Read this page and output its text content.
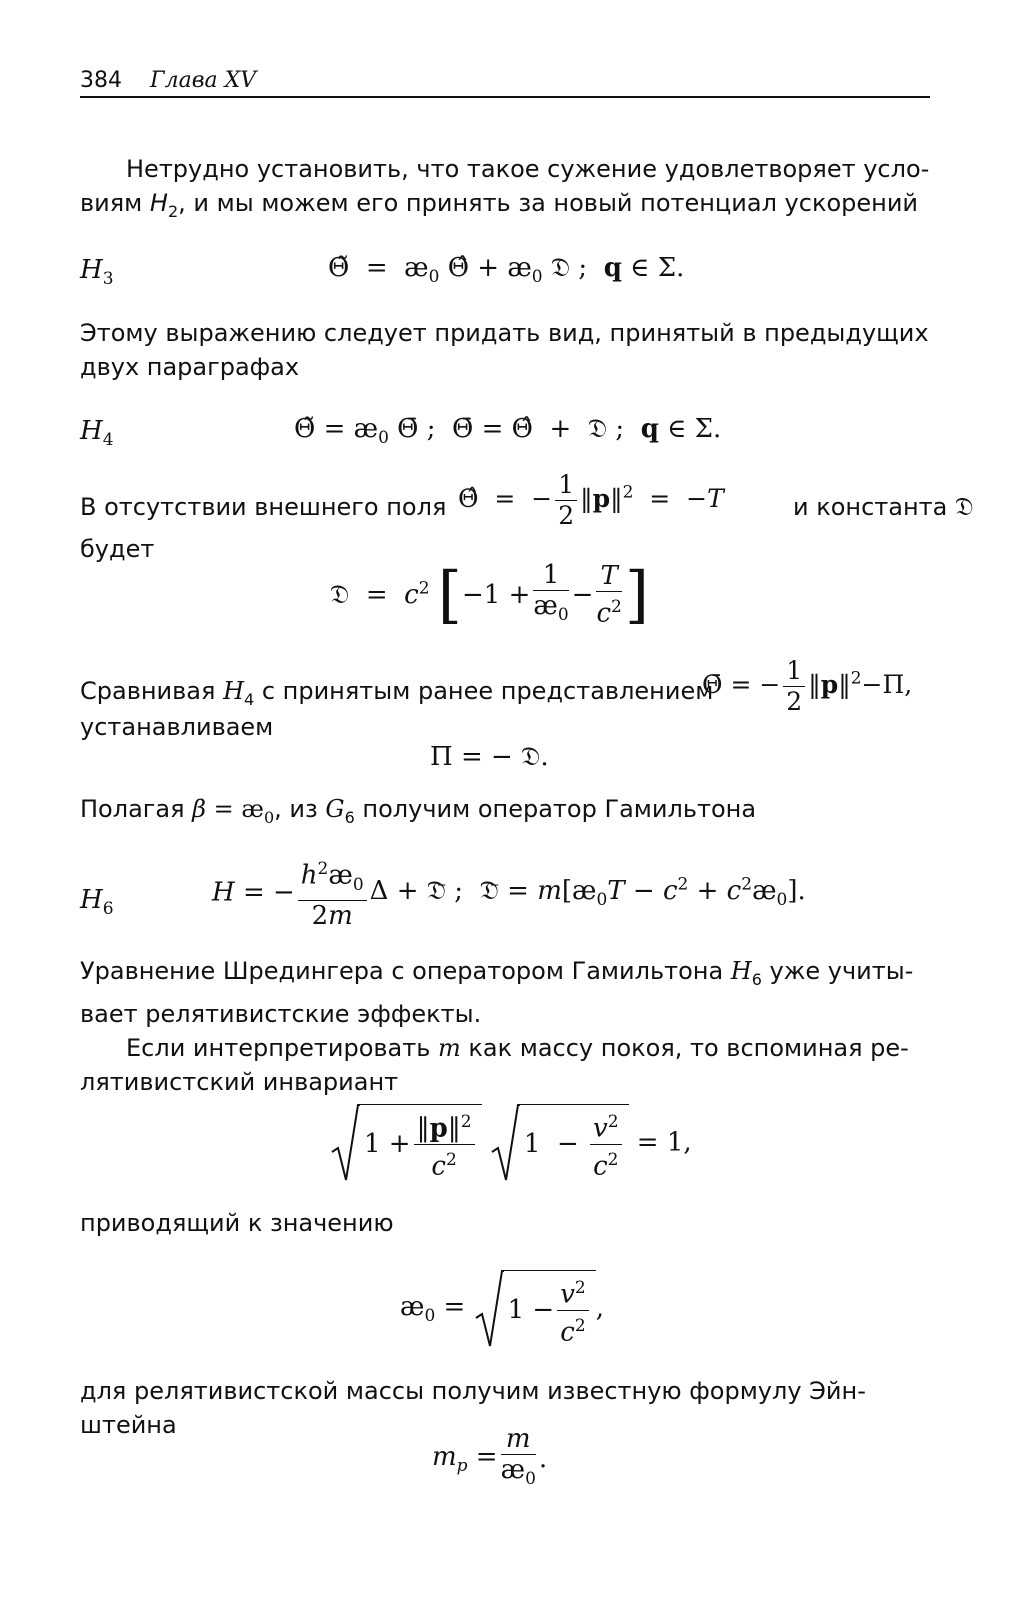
384 Глава XV
Нетрудно установить, что такое сужение удовлетворяет усло-
виям $H_2$, и мы можем его принять за новый потенциал ускорений
$H_3$	Θ̃  =  $æ_0$ Θ̂ + $æ_0$ 𝔇 ;  q ∈ Σ.
Этому выражению следует придать вид, принятый в предыдущих
двух параграфах
$H_4$	Θ̃ = $æ_0$ Θ̄ ;  Θ̄ = Θ̂  +  𝔇 ;  q ∈ Σ.
В отсутствии внешнего поля Θ̂  =  − $\frac{1}{2}$ ‖p‖$^2$  =  −T	и константа 𝔇
будет
𝔇  =  $c^2$ [$-1 + \frac{1}{æ_0} - \frac{T}{c^2}$ ]
Сравнивая $H_4$ с принятым ранее представлением
Θ̄ = − $\frac{1}{2}$ ‖p‖$^2$−Π,
устанавливаем
Π = − 𝔇.
Полагая $\beta = æ_0$, из $G_6$ получим оператор Гамильтона
$H_6$
H = − $\frac{h^2æ_0}{2m}$ Δ + 𝔇̄ ;  𝔇̄ = $m[æ_0T - c^2$ + $c^2æ_0$].
Уравнение Шредингера с оператором Гамильтона $H_6$ уже учиты-
вает релятивистские эффекты.
Если интерпретировать m как массу покоя, то вспоминая ре-
лятивистский инвариант
$1 + \frac{‖p‖^2}{c^2}$
$1 - \frac{v^2}{c^2} = 1$,
приводящий к значению
$æ_0 = 1 - \frac{v^2}{c^2}$ ,
для релятивистской массы получим известную формулу Эйн-
штейна
$m_p = \frac{m}{æ_0}$ .
